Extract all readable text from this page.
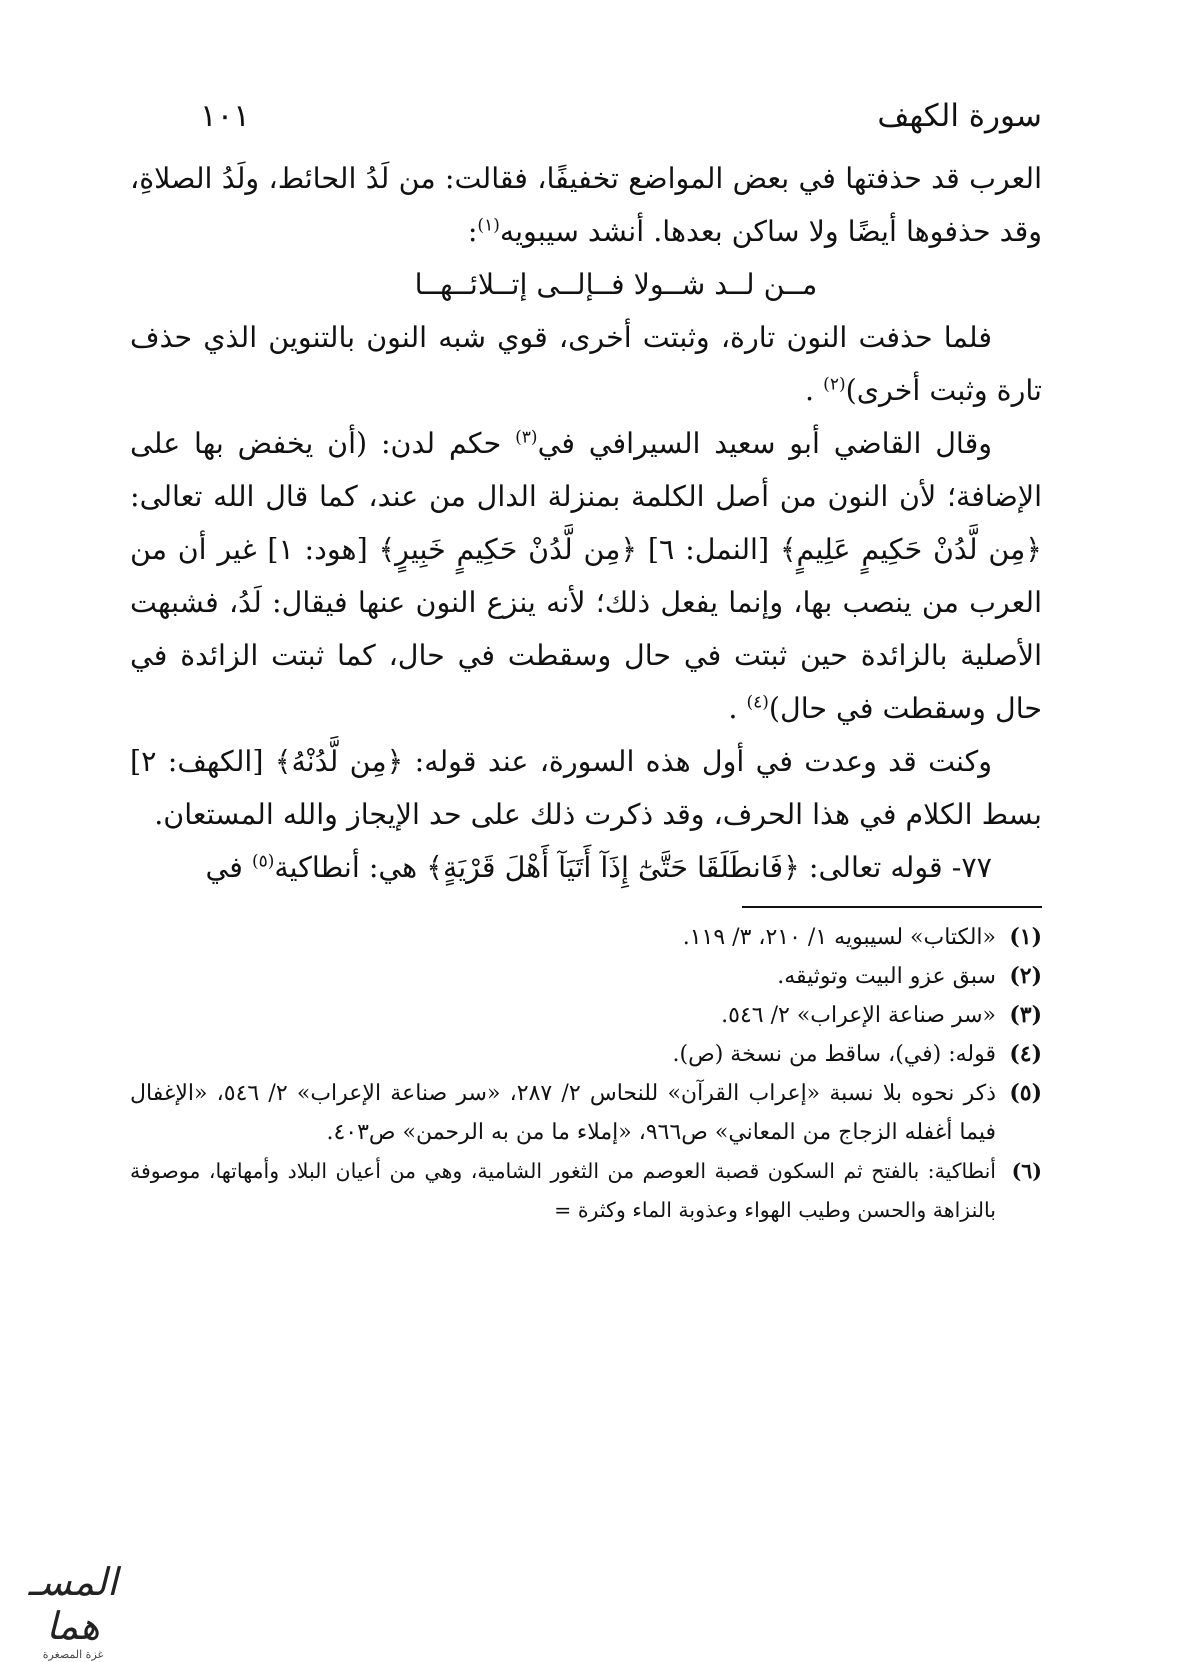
سورة الكهف
١٠١

العرب قد حذفتها في بعض المواضع تخفيفًا، فقالت: من لَدُ الحائط، ولَدُ الصلاةِ، وقد حذفوها أيضًا ولا ساكن بعدها. أنشد سيبويه$^{(١)}$:

مــن لــد شــولا فــإلــى إتــلائــهــا

فلما حذفت النون تارة، وثبتت أخرى، قوي شبه النون بالتنوين الذي حذف تارة وثبت أخرى)$^{(٢)}$ .

وقال القاضي أبو سعيد السيرافي في$^{(٣)}$ حكم لدن: (أن يخفض بها على الإضافة؛ لأن النون من أصل الكلمة بمنزلة الدال من عند، كما قال الله تعالى: ﴿مِن لَّدُنْ حَكِيمٍ عَلِيمٍ﴾ [النمل: ٦] ﴿مِن لَّدُنْ حَكِيمٍ خَبِيرٍ﴾ [هود: ١] غير أن من العرب من ينصب بها، وإنما يفعل ذلك؛ لأنه ينزع النون عنها فيقال: لَدُ، فشبهت الأصلية بالزائدة حين ثبتت في حال وسقطت في حال، كما ثبتت الزائدة في حال وسقطت في حال)$^{(٤)}$ .

وكنت قد وعدت في أول هذه السورة، عند قوله: ﴿مِن لَّدُنْهُ﴾ [الكهف: ٢] بسط الكلام في هذا الحرف، وقد ذكرت ذلك على حد الإيجاز والله المستعان.

٧٧- قوله تعالى: ﴿فَانطَلَقَا حَتَّىٰٓ إِذَآ أَتَيَآ أَهْلَ قَرْيَةٍ﴾ هي: أنطاكية$^{(٥)}$ في

(١)
«الكتاب» لسيبويه ١/ ٢١٠، ٣/ ١١٩.
(٢)
سبق عزو البيت وتوثيقه.
(٣)
«سر صناعة الإعراب» ٢/ ٥٤٦.
(٤)
قوله: (في)، ساقط من نسخة (ص).
(٥)
ذكر نحوه بلا نسبة «إعراب القرآن» للنحاس ٢/ ٢٨٧، «سر صناعة الإعراب» ٢/ ٥٤٦، «الإغفال فيما أغفله الزجاج من المعاني» ص٩٦٦، «إملاء ما من به الرحمن» ص٤٠٣.
(٦)
أنطاكية: بالفتح ثم السكون قصبة العوصم من الثغور الشامية، وهي من أعيان البلاد وأمهاتها، موصوفة بالنزاهة والحسن وطيب الهواء وعذوبة الماء وكثرة =
المسـ هما
غزة المصغرة
